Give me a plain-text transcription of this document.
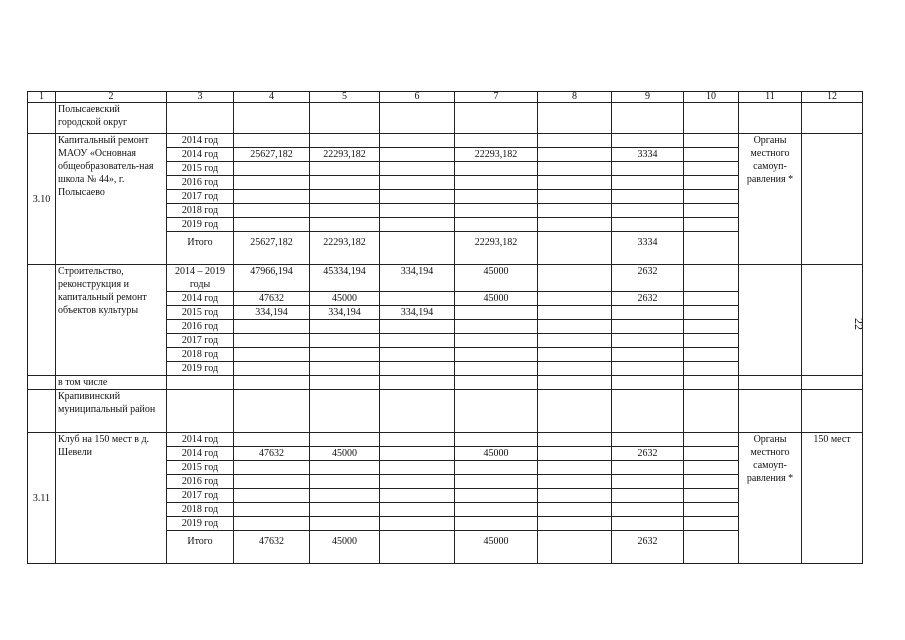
1	2	3	4	5	6	7	8	9	10	11	12
	Полысаевский городской округ										
3.10	Капитальный ремонт МАОУ «Основная общеобразователь-ная школа № 44», г. Полысаево	2014 год								Органы местного самоуп-равления *	
		2014 год	25627,182	22293,182		22293,182		3334			
		2015 год									
		2016 год									
		2017 год									
		2018 год									
		2019 год									
		Итого	25627,182	22293,182		22293,182		3334			
	Строительство, реконструкция и капитальный ремонт объектов культуры	2014 – 2019 годы	47966,194	45334,194	334,194	45000		2632			
		2014 год	47632	45000		45000		2632			
		2015 год	334,194	334,194	334,194						
		2016 год									
		2017 год									
		2018 год									
		2019 год									
	в том числе										
	Крапивинский муниципальный район										
3.11	Клуб на 150 мест в д. Шевели	2014 год								Органы местного самоуп-равления *	150 мест
		2014 год	47632	45000		45000		2632			
		2015 год									
		2016 год									
		2017 год									
		2018 год									
		2019 год									
		Итого	47632	45000		45000		2632			
22
